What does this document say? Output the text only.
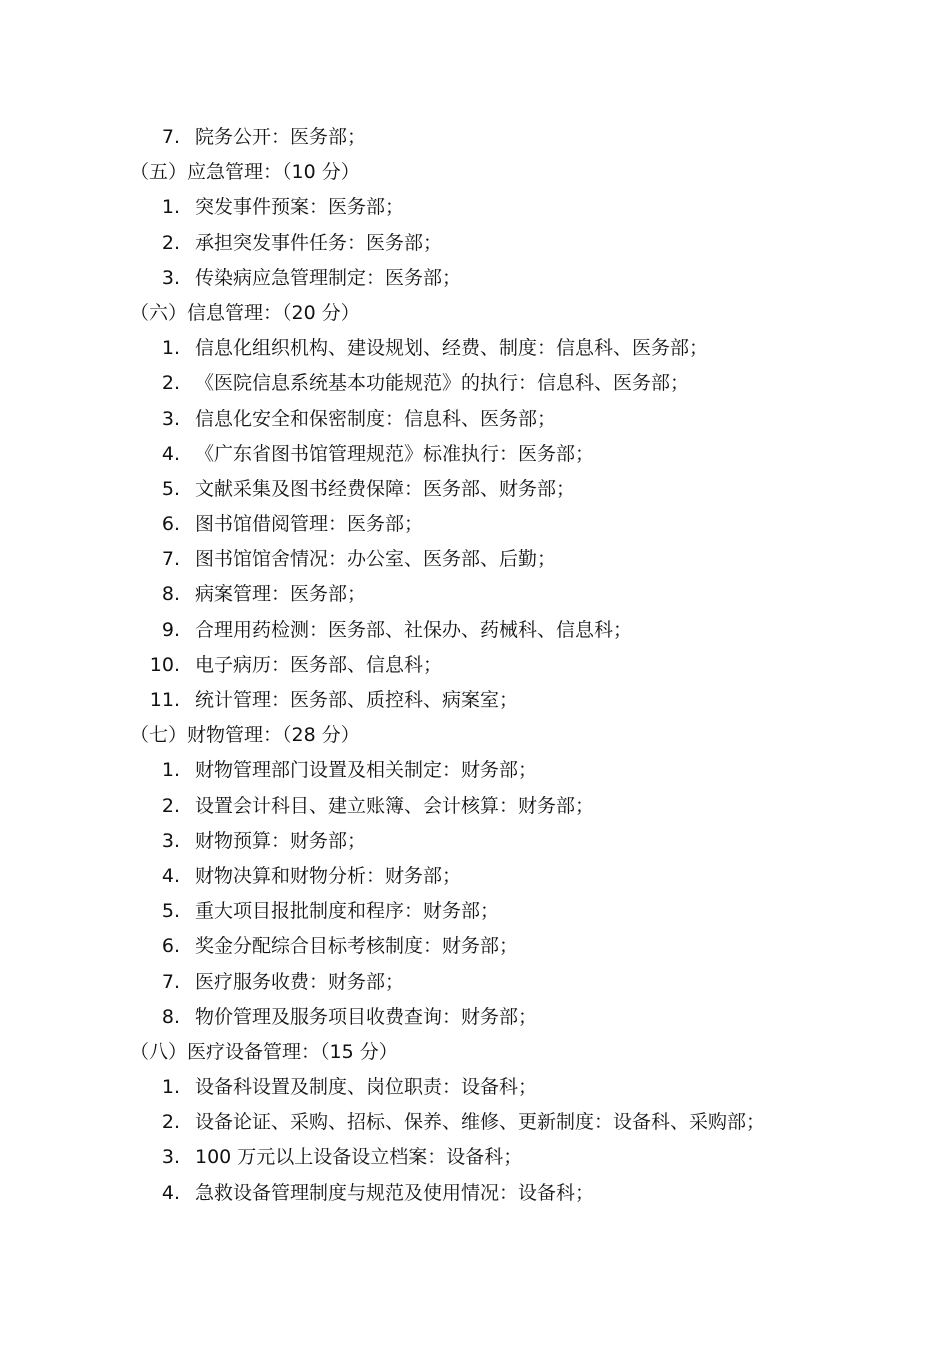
7. 院务公开：医务部；
（五）应急管理：（10 分）
1. 突发事件预案：医务部；
2. 承担突发事件任务：医务部；
3. 传染病应急管理制定：医务部；
（六）信息管理：（20 分）
1. 信息化组织机构、建设规划、经费、制度：信息科、医务部；
2. 《医院信息系统基本功能规范》的执行：信息科、医务部；
3. 信息化安全和保密制度：信息科、医务部；
4. 《广东省图书馆管理规范》标准执行：医务部；
5. 文献采集及图书经费保障：医务部、财务部；
6. 图书馆借阅管理：医务部；
7. 图书馆馆舍情况：办公室、医务部、后勤；
8. 病案管理：医务部；
9. 合理用药检测：医务部、社保办、药械科、信息科；
10. 电子病历：医务部、信息科；
11. 统计管理：医务部、质控科、病案室；
（七）财物管理：（28 分）
1. 财物管理部门设置及相关制定：财务部；
2. 设置会计科目、建立账簿、会计核算：财务部；
3. 财物预算：财务部；
4. 财物决算和财物分析：财务部；
5. 重大项目报批制度和程序：财务部；
6. 奖金分配综合目标考核制度：财务部；
7. 医疗服务收费：财务部；
8. 物价管理及服务项目收费查询：财务部；
（八）医疗设备管理：（15 分）
1. 设备科设置及制度、岗位职责：设备科；
2. 设备论证、采购、招标、保养、维修、更新制度：设备科、采购部；
3. 100 万元以上设备设立档案：设备科；
4. 急救设备管理制度与规范及使用情况：设备科；
